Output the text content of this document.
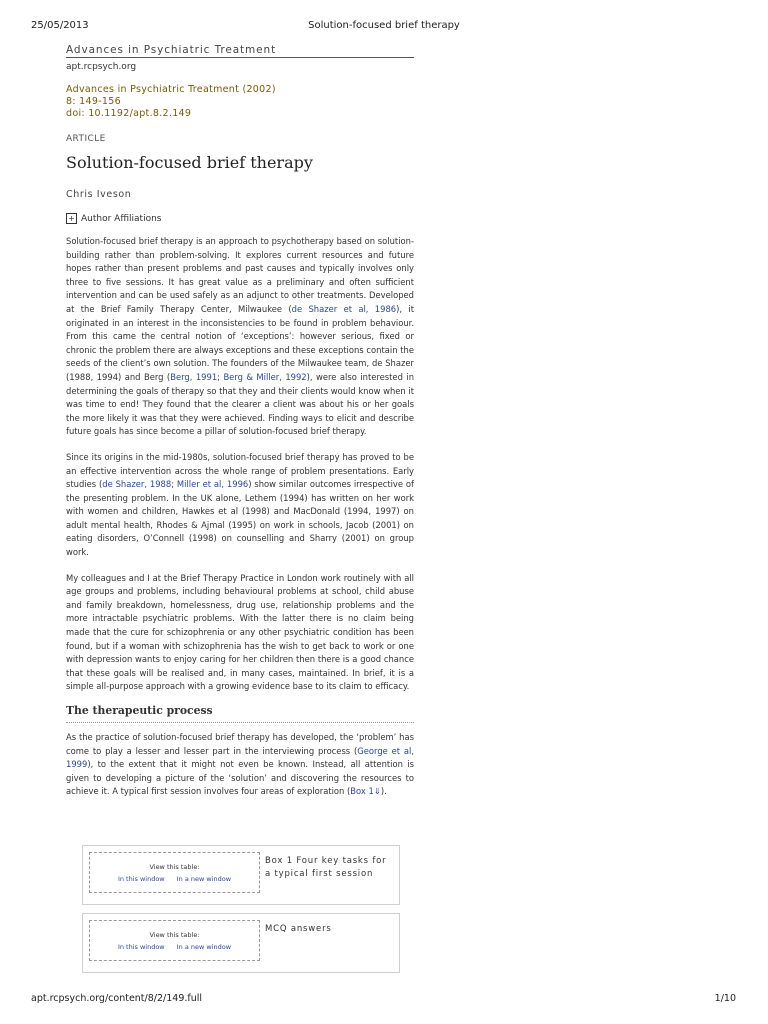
25/05/2013	Solution-focused brief therapy
Advances in Psychiatric Treatment
apt.rcpsych.org
Advances in Psychiatric Treatment (2002)
8: 149-156
doi: 10.1192/apt.8.2.149
ARTICLE
Solution-focused brief therapy
Chris Iveson
+ Author Affiliations

Solution-focused brief therapy is an approach to psychotherapy based on solution-building rather than problem-solving. It explores current resources and future hopes rather than present problems and past causes and typically involves only three to five sessions. It has great value as a preliminary and often sufficient intervention and can be used safely as an adjunct to other treatments. Developed at the Brief Family Therapy Center, Milwaukee (de Shazer et al, 1986), it originated in an interest in the inconsistencies to be found in problem behaviour. From this came the central notion of ‘exceptions’: however serious, fixed or chronic the problem there are always exceptions and these exceptions contain the seeds of the client’s own solution. The founders of the Milwaukee team, de Shazer (1988, 1994) and Berg (Berg, 1991; Berg & Miller, 1992), were also interested in determining the goals of therapy so that they and their clients would know when it was time to end! They found that the clearer a client was about his or her goals the more likely it was that they were achieved. Finding ways to elicit and describe future goals has since become a pillar of solution-focused brief therapy.

Since its origins in the mid-1980s, solution-focused brief therapy has proved to be an effective intervention across the whole range of problem presentations. Early studies (de Shazer, 1988; Miller et al, 1996) show similar outcomes irrespective of the presenting problem. In the UK alone, Lethem (1994) has written on her work with women and children, Hawkes et al (1998) and MacDonald (1994, 1997) on adult mental health, Rhodes & Ajmal (1995) on work in schools, Jacob (2001) on eating disorders, O’Connell (1998) on counselling and Sharry (2001) on group work.

My colleagues and I at the Brief Therapy Practice in London work routinely with all age groups and problems, including behavioural problems at school, child abuse and family breakdown, homelessness, drug use, relationship problems and the more intractable psychiatric problems. With the latter there is no claim being made that the cure for schizophrenia or any other psychiatric condition has been found, but if a woman with schizophrenia has the wish to get back to work or one with depression wants to enjoy caring for her children then there is a good chance that these goals will be realised and, in many cases, maintained. In brief, it is a simple all-purpose approach with a growing evidence base to its claim to efficacy.

The therapeutic process

As the practice of solution-focused brief therapy has developed, the ‘problem’ has come to play a lesser and lesser part in the interviewing process (George et al, 1999), to the extent that it might not even be known. Instead, all attention is given to developing a picture of the ‘solution’ and discovering the resources to achieve it. A typical first session involves four areas of exploration (Box 1⇓).

View this table:
In this window In a new window
Box 1 Four key tasks for a typical first session
View this table:
In this window In a new window
MCQ answers
apt.rcpsych.org/content/8/2/149.full	1/10
